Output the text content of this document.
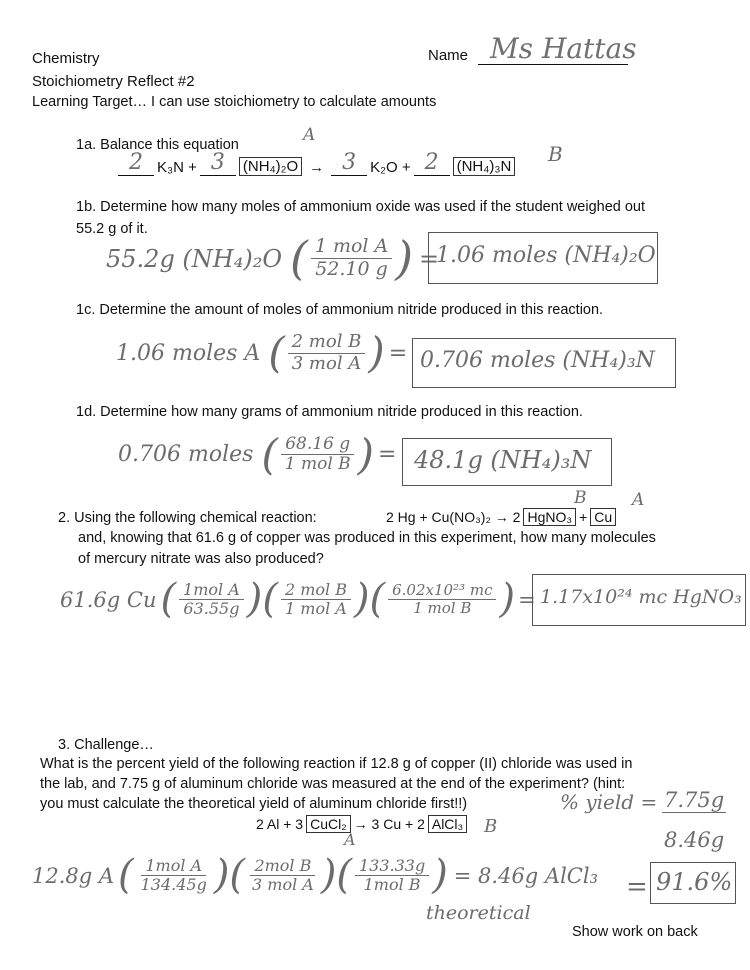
Chemistry
Stoichiometry Reflect #2
Learning Target… I can use stoichiometry to calculate amounts
Name Ms Hattas
1a. Balance this equation	A
2 K₃N + 3	(NH₄)₂O → 3 K₂O + 2	(NH₄)₃N
B
1b. Determine how many moles of ammonium oxide was used if the student weighed out
55.2 g of it.
55.2g (NH₄)₂O ( $\frac{\text{1 mol A}}{52.10 g}$ ) =
1.06 moles (NH₄)₂O
1c. Determine the amount of moles of ammonium nitride produced in this reaction.
1.06 moles A ( $\frac{\text{2 mol B}}{\text{3 mol A}}$ ) = 0.706 moles (NH₄)₃N
1d. Determine how many grams of ammonium nitride produced in this reaction.
0.706 moles ( $\frac{68.16 g}{\text{1 mol B}}$ ) = 48.1g (NH₄)₃N
2. Using the following chemical reaction:	2 Hg + Cu(NO₃)₂ → 2 HgNO₃ + Cu
B	A
and, knowing that 61.6 g of copper was produced in this experiment, how many molecules
of mercury nitrate was also produced?
61.6g Cu ( $\frac{\text{1mol A}}{63.55g}$ )( $\frac{\text{2 mol B}}{\text{1 mol A}}$ )( $\frac{\text{6.02x10²³ mc}}{\text{1 mol B}}$ ) = 1.17x10²⁴ mc HgNO₃
3. Challenge…
What is the percent yield of the following reaction if 12.8 g of copper (II) chloride was used in
the lab, and 7.75 g of aluminum chloride was measured at the end of the experiment? (hint:
you must calculate the theoretical yield of aluminum chloride first!!)
2 Al + 3 CuCl₂ → 3 Cu + 2 AlCl₃
A
B
% yield = 7.75g
8.46g
= 91.6%
12.8g A ( $\frac{\text{1mol A}}{134.45g}$ )( $\frac{\text{2mol B}}{\text{3 mol A}}$ )( $\frac{133.33g}{\text{1mol B}}$ ) = 8.46g AlCl₃
theoretical
Show work on back
